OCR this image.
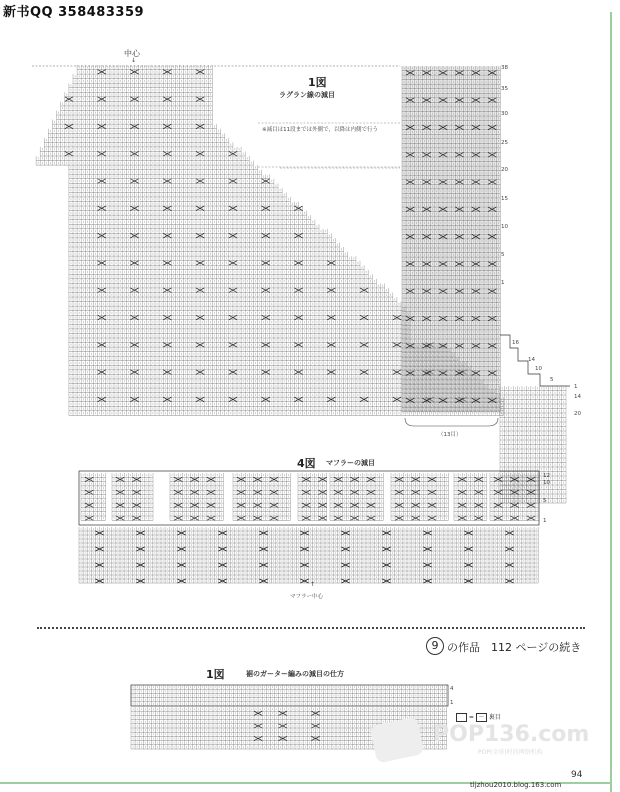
新书QQ 358483359
中心
↓
1図
ラグラン線の減目
※減目は11段までは外側で，以降は内側で行う
38
35
30
25
20
15
10
5
1
16
14
10
5
1
14
20
（13目）
4図 マフラーの減目
12
10
5
1
↑
マフラー中心
9 の作品　112 ページの続き
1図	裾のガーター編みの減目の仕方
4
1
= － 裏目
POP136.com
POP(全球)时尚网络机构
94
tljzhou2010.blog.163.com
